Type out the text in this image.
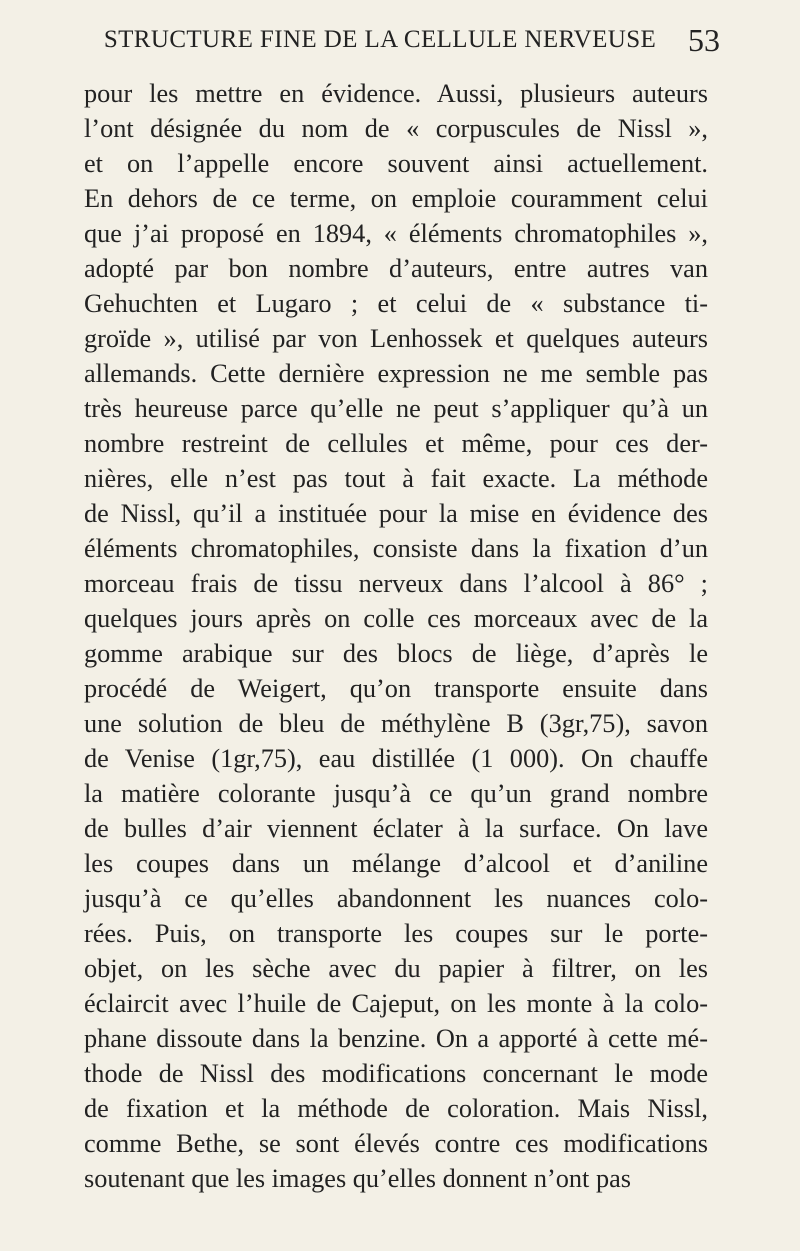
STRUCTURE FINE DE LA CELLULE NERVEUSE 53
pour les mettre en évidence. Aussi, plusieurs auteurs
l’ont désignée du nom de « corpuscules de Nissl »,
et on l’appelle encore souvent ainsi actuellement.
En dehors de ce terme, on emploie couramment celui
que j’ai proposé en 1894, « éléments chromatophiles »,
adopté par bon nombre d’auteurs, entre autres van
Gehuchten et Lugaro ; et celui de « substance ti-
groïde », utilisé par von Lenhossek et quelques auteurs
allemands. Cette dernière expression ne me semble pas
très heureuse parce qu’elle ne peut s’appliquer qu’à un
nombre restreint de cellules et même, pour ces der-
nières, elle n’est pas tout à fait exacte. La méthode
de Nissl, qu’il a instituée pour la mise en évidence des
éléments chromatophiles, consiste dans la fixation d’un
morceau frais de tissu nerveux dans l’alcool à 86° ;
quelques jours après on colle ces morceaux avec de la
gomme arabique sur des blocs de liège, d’après le
procédé de Weigert, qu’on transporte ensuite dans
une solution de bleu de méthylène B (3gr,75), savon
de Venise (1gr,75), eau distillée (1 000). On chauffe
la matière colorante jusqu’à ce qu’un grand nombre
de bulles d’air viennent éclater à la surface. On lave
les coupes dans un mélange d’alcool et d’aniline
jusqu’à ce qu’elles abandonnent les nuances colo-
rées. Puis, on transporte les coupes sur le porte-
objet, on les sèche avec du papier à filtrer, on les
éclaircit avec l’huile de Cajeput, on les monte à la colo-
phane dissoute dans la benzine. On a apporté à cette mé-
thode de Nissl des modifications concernant le mode
de fixation et la méthode de coloration. Mais Nissl,
comme Bethe, se sont élevés contre ces modifications
soutenant que les images qu’elles donnent n’ont pas
